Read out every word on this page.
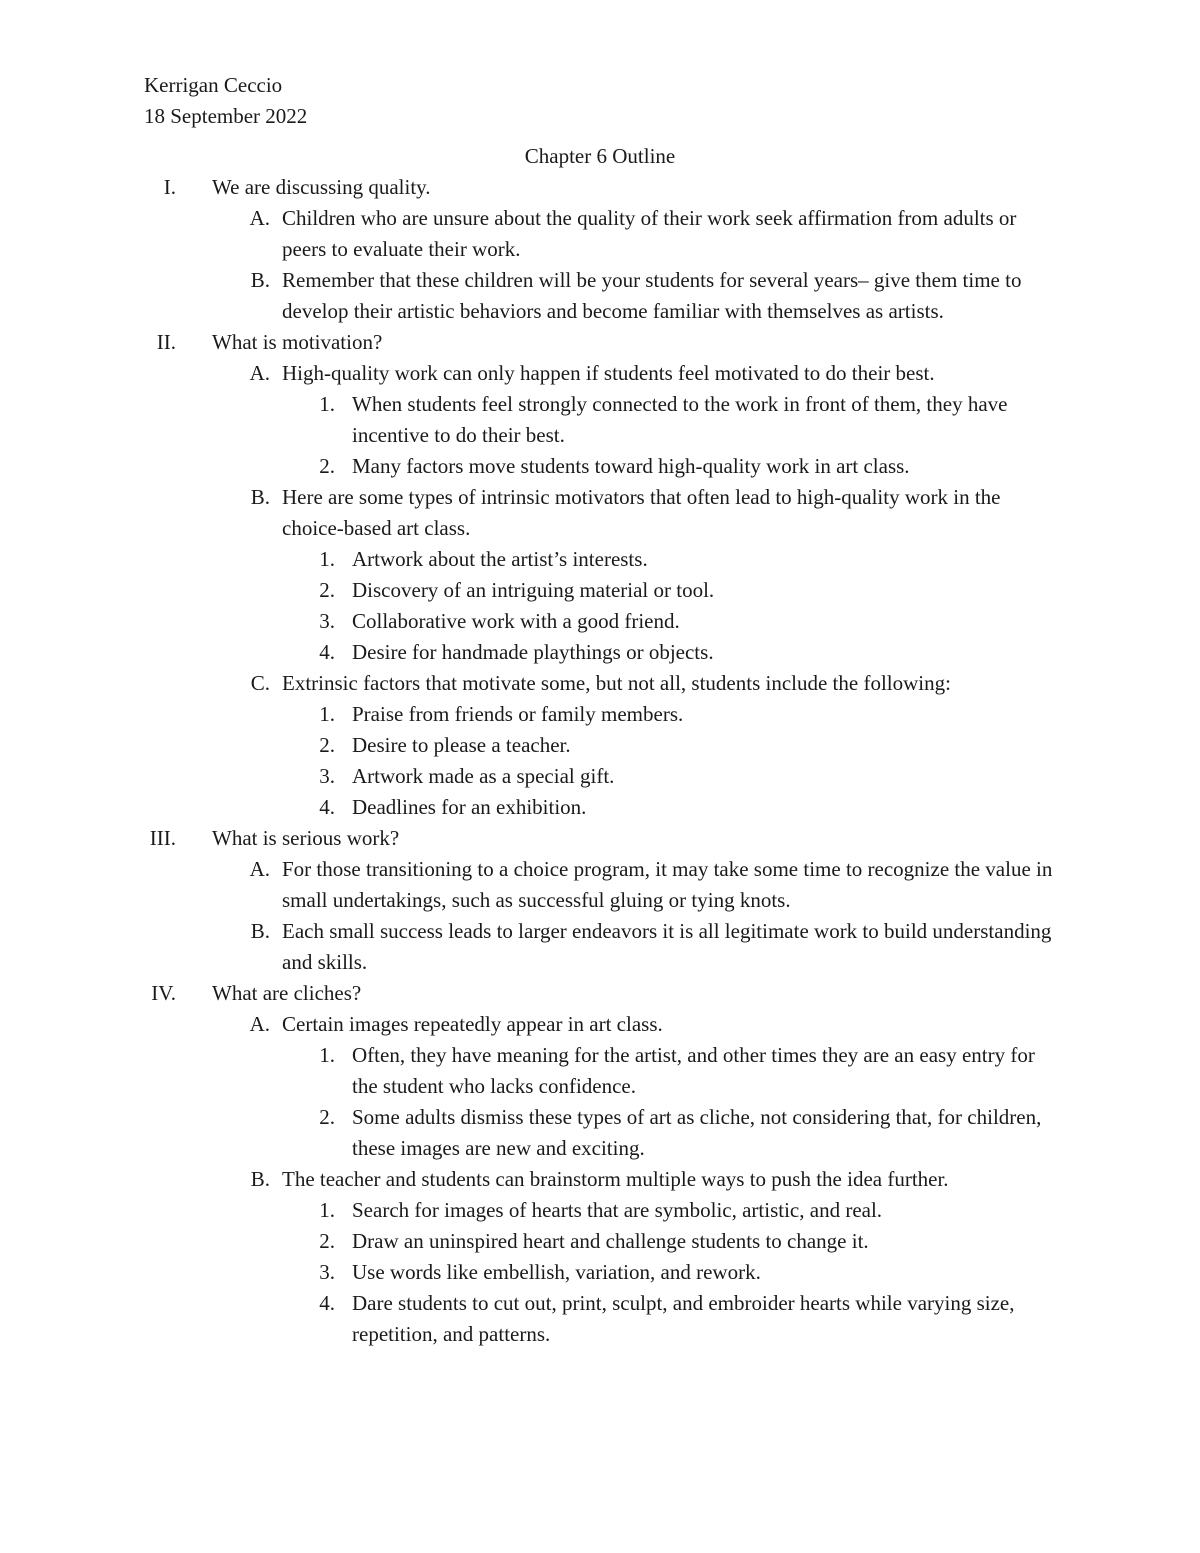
Kerrigan Ceccio
18 September 2022
Chapter 6 Outline
I. We are discussing quality.
A. Children who are unsure about the quality of their work seek affirmation from adults or peers to evaluate their work.
B. Remember that these children will be your students for several years– give them time to develop their artistic behaviors and become familiar with themselves as artists.
II. What is motivation?
A. High-quality work can only happen if students feel motivated to do their best.
1. When students feel strongly connected to the work in front of them, they have incentive to do their best.
2. Many factors move students toward high-quality work in art class.
B. Here are some types of intrinsic motivators that often lead to high-quality work in the choice-based art class.
1. Artwork about the artist’s interests.
2. Discovery of an intriguing material or tool.
3. Collaborative work with a good friend.
4. Desire for handmade playthings or objects.
C. Extrinsic factors that motivate some, but not all, students include the following:
1. Praise from friends or family members.
2. Desire to please a teacher.
3. Artwork made as a special gift.
4. Deadlines for an exhibition.
III. What is serious work?
A. For those transitioning to a choice program, it may take some time to recognize the value in small undertakings, such as successful gluing or tying knots.
B. Each small success leads to larger endeavors it is all legitimate work to build understanding and skills.
IV. What are cliches?
A. Certain images repeatedly appear in art class.
1. Often, they have meaning for the artist, and other times they are an easy entry for the student who lacks confidence.
2. Some adults dismiss these types of art as cliche, not considering that, for children, these images are new and exciting.
B. The teacher and students can brainstorm multiple ways to push the idea further.
1. Search for images of hearts that are symbolic, artistic, and real.
2. Draw an uninspired heart and challenge students to change it.
3. Use words like embellish, variation, and rework.
4. Dare students to cut out, print, sculpt, and embroider hearts while varying size, repetition, and patterns.
